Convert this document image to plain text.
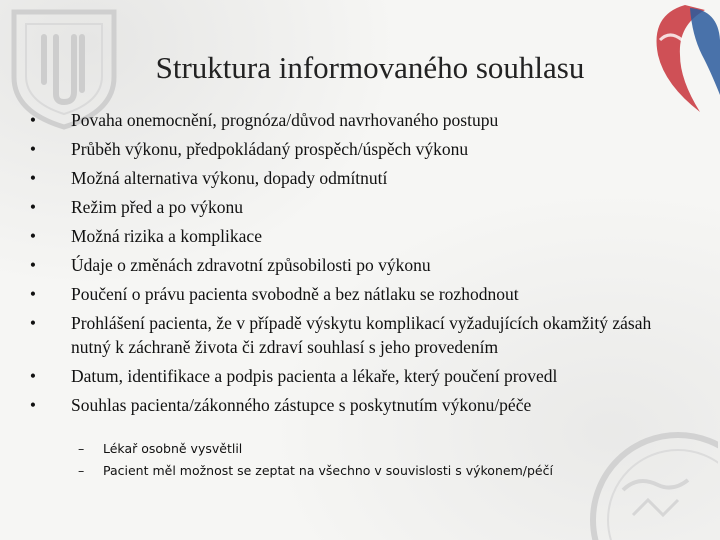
Struktura informovaného souhlasu
• Povaha onemocnění, prognóza/důvod navrhovaného postupu
• Průběh výkonu, předpokládaný prospěch/úspěch výkonu
• Možná alternativa výkonu, dopady odmítnutí
• Režim před a po výkonu
• Možná rizika a komplikace
• Údaje o změnách zdravotní způsobilosti po výkonu
• Poučení o právu pacienta svobodně a bez nátlaku se rozhodnout
• Prohlášení pacienta, že v případě výskytu komplikací vyžadujících okamžitý zásah nutný k záchraně života či zdraví souhlasí s jeho provedením
• Datum, identifikace a podpis pacienta a lékaře, který poučení provedl
• Souhlas pacienta/zákonného zástupce s poskytnutím výkonu/péče
– Lékař osobně vysvětlil
– Pacient měl možnost se zeptat na všechno v souvislosti s výkonem/péčí
